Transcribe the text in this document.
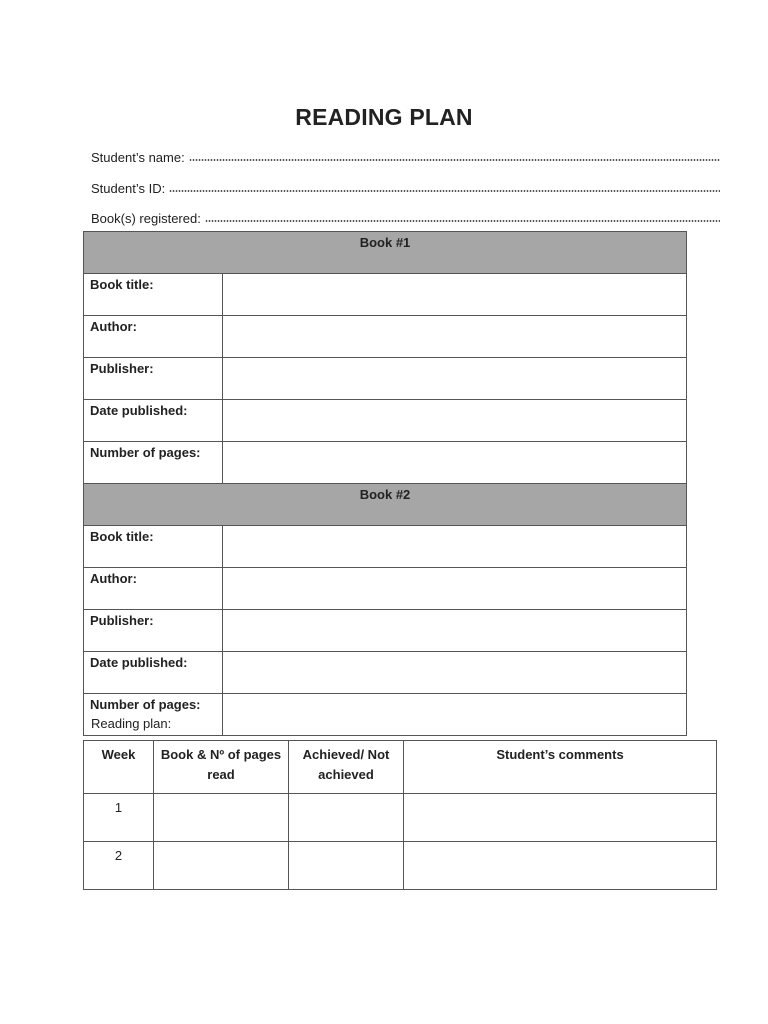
READING PLAN
Student’s name:
Student’s ID:
Book(s) registered:
Book #1	
Book title:	
Author:	
Publisher:	
Date published:	
Number of pages:	
Book #2	
Book title:	
Author:	
Publisher:	
Date published:	
Number of pages:	
Reading plan:
Week	Book & Nº of pages read	Achieved/ Not achieved	Student’s comments
1			
2			
